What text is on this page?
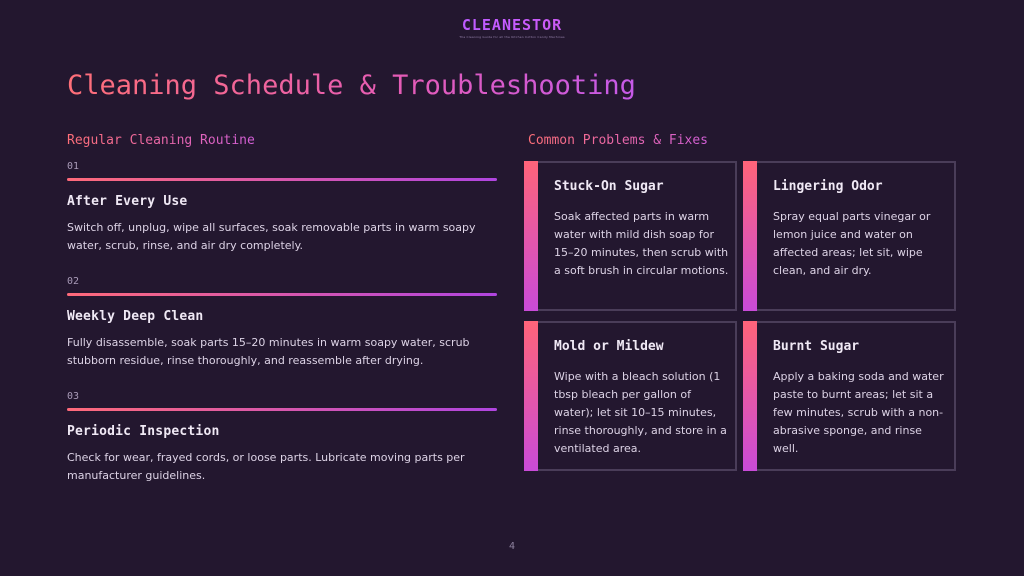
CLEANESTOR
The Cleaning Guide for all the Kitchen Cotton Candy Machines
Cleaning Schedule & Troubleshooting
Regular Cleaning Routine	Common Problems & Fixes
01
After Every Use
Switch off, unplug, wipe all surfaces, soak removable parts in warm soapy water, scrub, rinse, and air dry completely.
02
Weekly Deep Clean
Fully disassemble, soak parts 15–20 minutes in warm soapy water, scrub stubborn residue, rinse thoroughly, and reassemble after drying.
03
Periodic Inspection
Check for wear, frayed cords, or loose parts. Lubricate moving parts per manufacturer guidelines.
Stuck-On Sugar
Soak affected parts in warm water with mild dish soap for 15–20 minutes, then scrub with a soft brush in circular motions.
Lingering Odor
Spray equal parts vinegar or lemon juice and water on affected areas; let sit, wipe clean, and air dry.
Mold or Mildew
Wipe with a bleach solution (1 tbsp bleach per gallon of water); let sit 10–15 minutes, rinse thoroughly, and store in a ventilated area.
Burnt Sugar
Apply a baking soda and water paste to burnt areas; let sit a few minutes, scrub with a non-abrasive sponge, and rinse well.
4
